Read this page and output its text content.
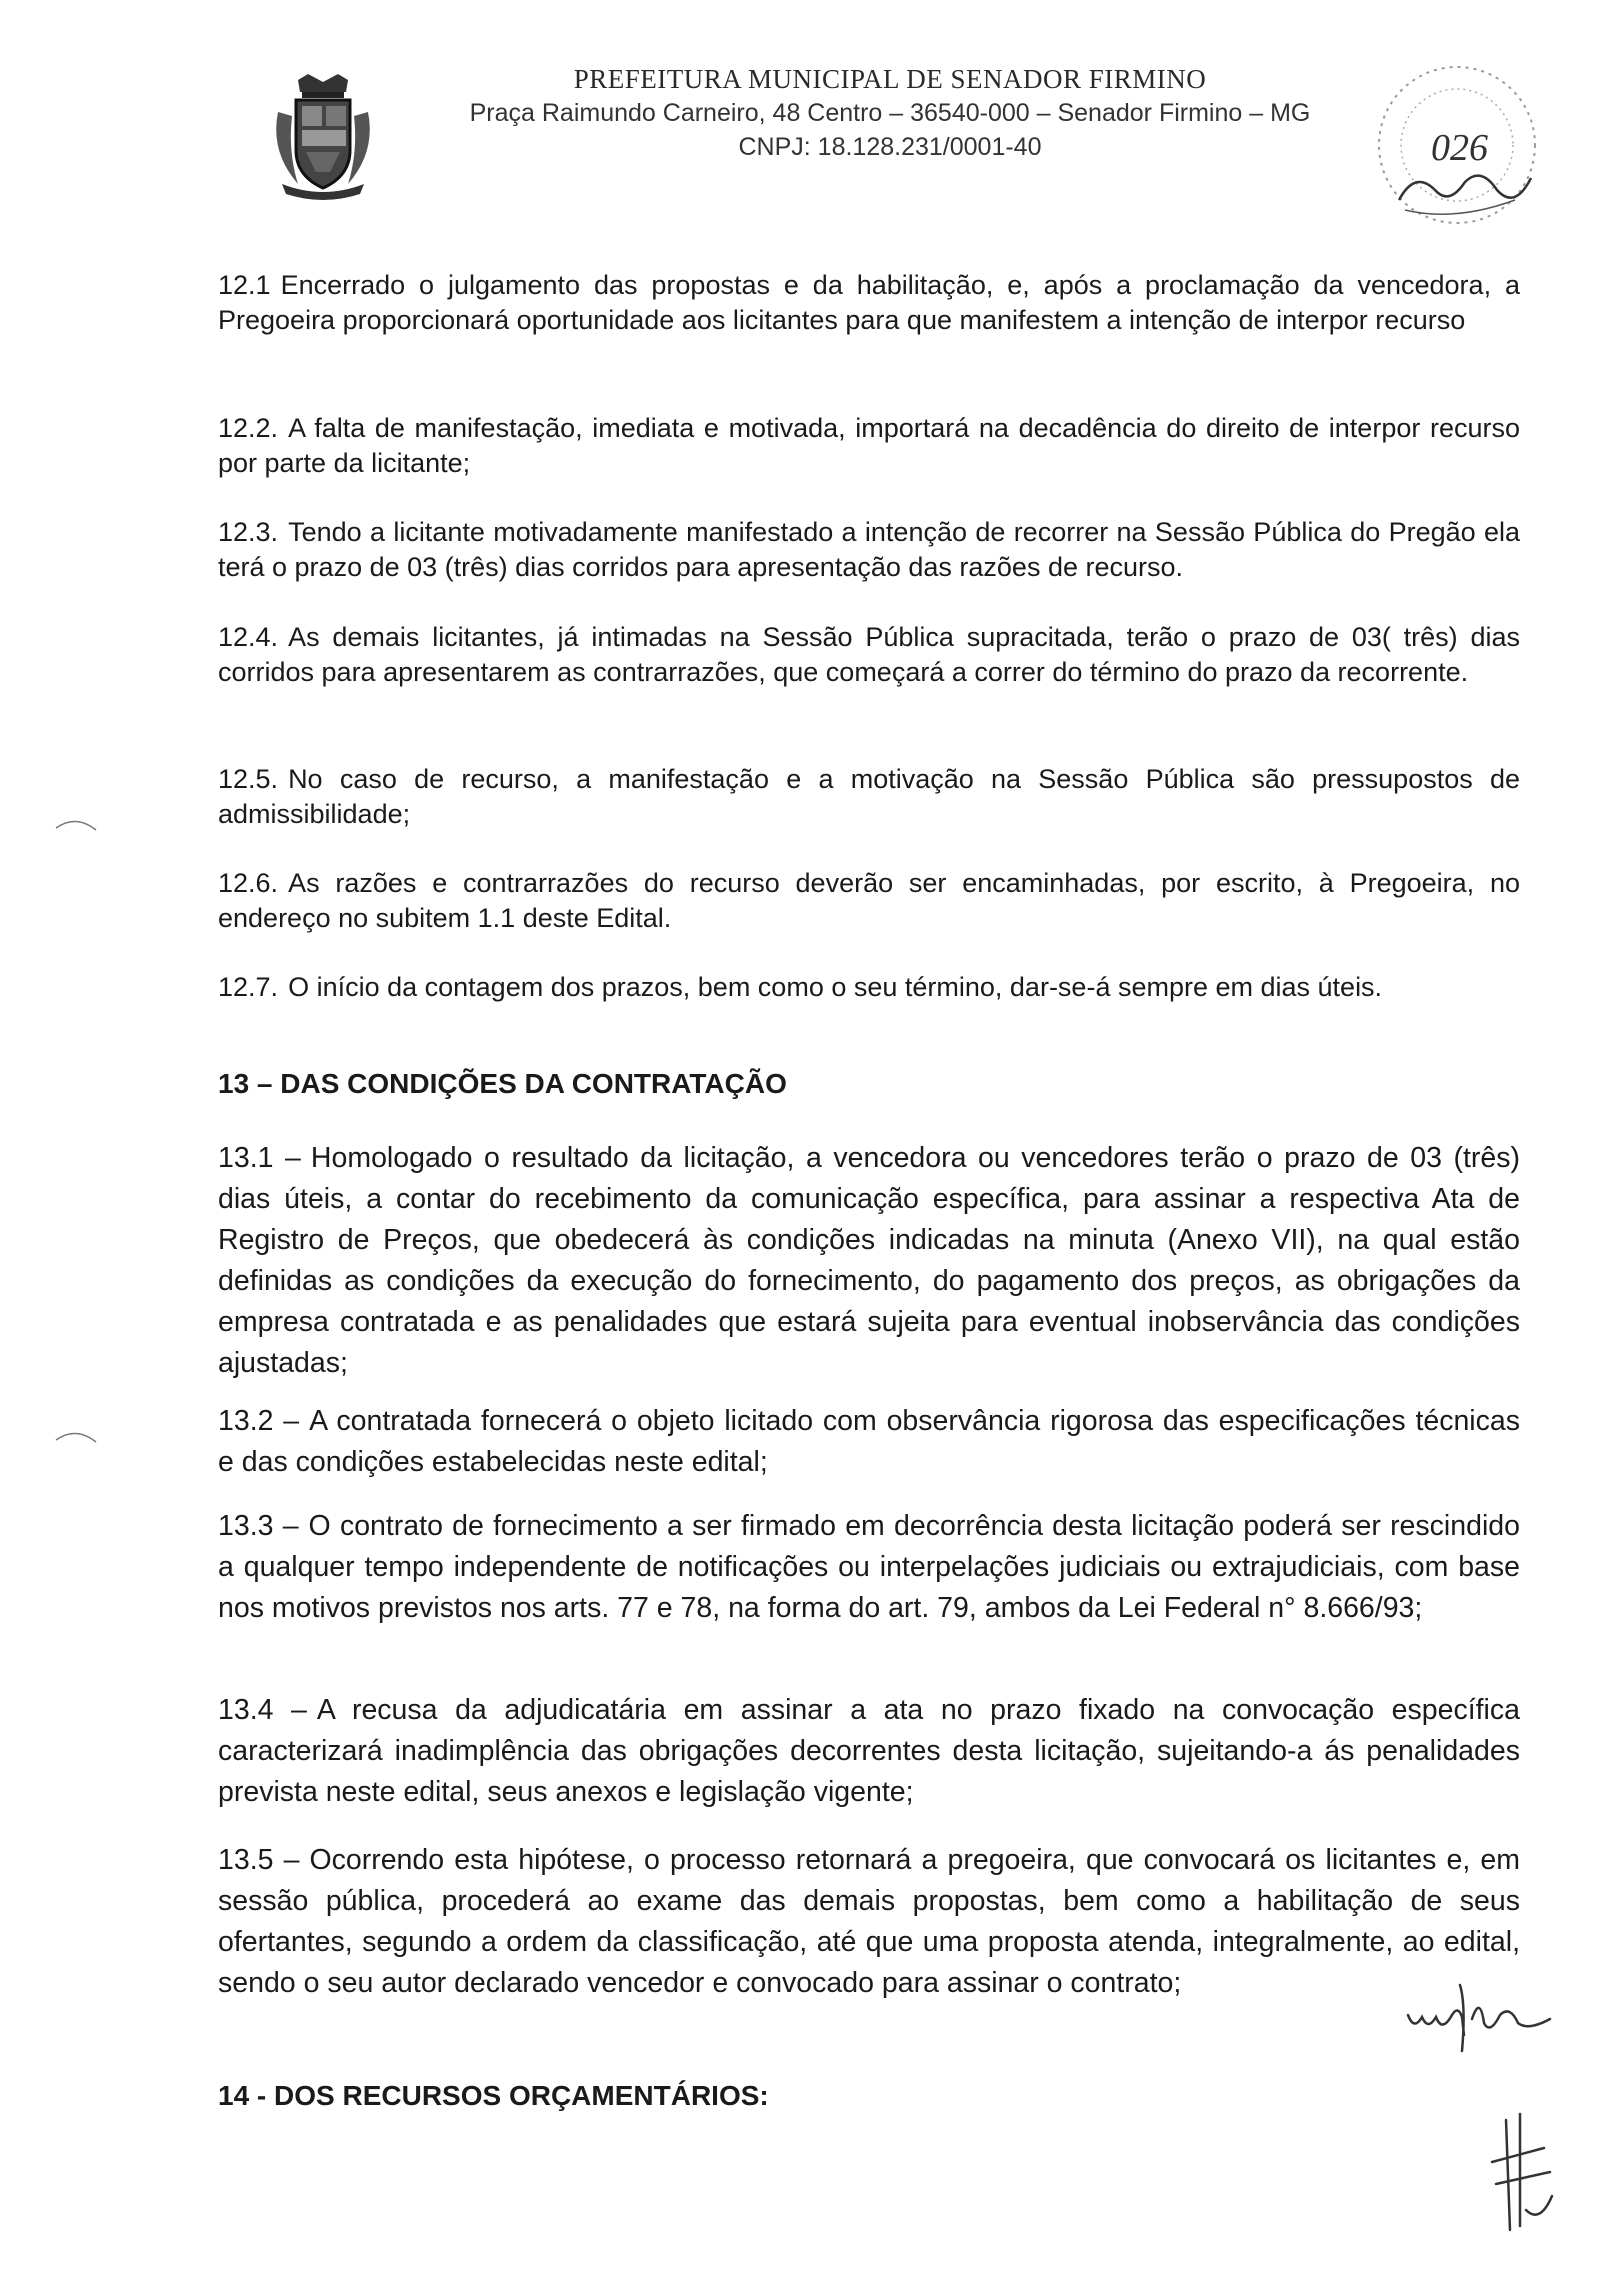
PREFEITURA MUNICIPAL DE SENADOR FIRMINO
Praça Raimundo Carneiro, 48 Centro – 36540-000 – Senador Firmino – MG
CNPJ: 18.128.231/0001-40	026

12.1 Encerrado o julgamento das propostas e da habilitação, e, após a proclamação da vencedora, a Pregoeira proporcionará oportunidade aos licitantes para que manifestem a intenção de interpor recurso

12.2. A falta de manifestação, imediata e motivada, importará na decadência do direito de interpor recurso por parte da licitante;

12.3. Tendo a licitante motivadamente manifestado a intenção de recorrer na Sessão Pública do Pregão ela terá o prazo de 03 (três) dias corridos para apresentação das razões de recurso.

12.4. As demais licitantes, já intimadas na Sessão Pública supracitada, terão o prazo de 03( três) dias corridos para apresentarem as contrarrazões, que começará a correr do término do prazo da recorrente.

12.5. No caso de recurso, a manifestação e a motivação na Sessão Pública são pressupostos de admissibilidade;

12.6. As razões e contrarrazões do recurso deverão ser encaminhadas, por escrito, à Pregoeira, no endereço no subitem 1.1 deste Edital.

12.7. O início da contagem dos prazos, bem como o seu término, dar-se-á sempre em dias úteis.

13 – DAS CONDIÇÕES DA CONTRATAÇÃO

13.1 – Homologado o resultado da licitação, a vencedora ou vencedores terão o prazo de 03 (três) dias úteis, a contar do recebimento da comunicação específica, para assinar a respectiva Ata de Registro de Preços, que obedecerá às condições indicadas na minuta (Anexo VII), na qual estão definidas as condições da execução do fornecimento, do pagamento dos preços, as obrigações da empresa contratada e as penalidades que estará sujeita para eventual inobservância das condições ajustadas;

13.2 – A contratada fornecerá o objeto licitado com observância rigorosa das especificações técnicas e das condições estabelecidas neste edital;

13.3 – O contrato de fornecimento a ser firmado em decorrência desta licitação poderá ser rescindido a qualquer tempo independente de notificações ou interpelações judiciais ou extrajudiciais, com base nos motivos previstos nos arts. 77 e 78, na forma do art. 79, ambos da Lei Federal n° 8.666/93;

13.4 – A recusa da adjudicatária em assinar a ata no prazo fixado na convocação específica caracterizará inadimplência das obrigações decorrentes desta licitação, sujeitando-a ás penalidades prevista neste edital, seus anexos e legislação vigente;

13.5 – Ocorrendo esta hipótese, o processo retornará a pregoeira, que convocará os licitantes e, em sessão pública, procederá ao exame das demais propostas, bem como a habilitação de seus ofertantes, segundo a ordem da classificação, até que uma proposta atenda, integralmente, ao edital, sendo o seu autor declarado vencedor e convocado para assinar o contrato;

14 - DOS RECURSOS ORÇAMENTÁRIOS:
